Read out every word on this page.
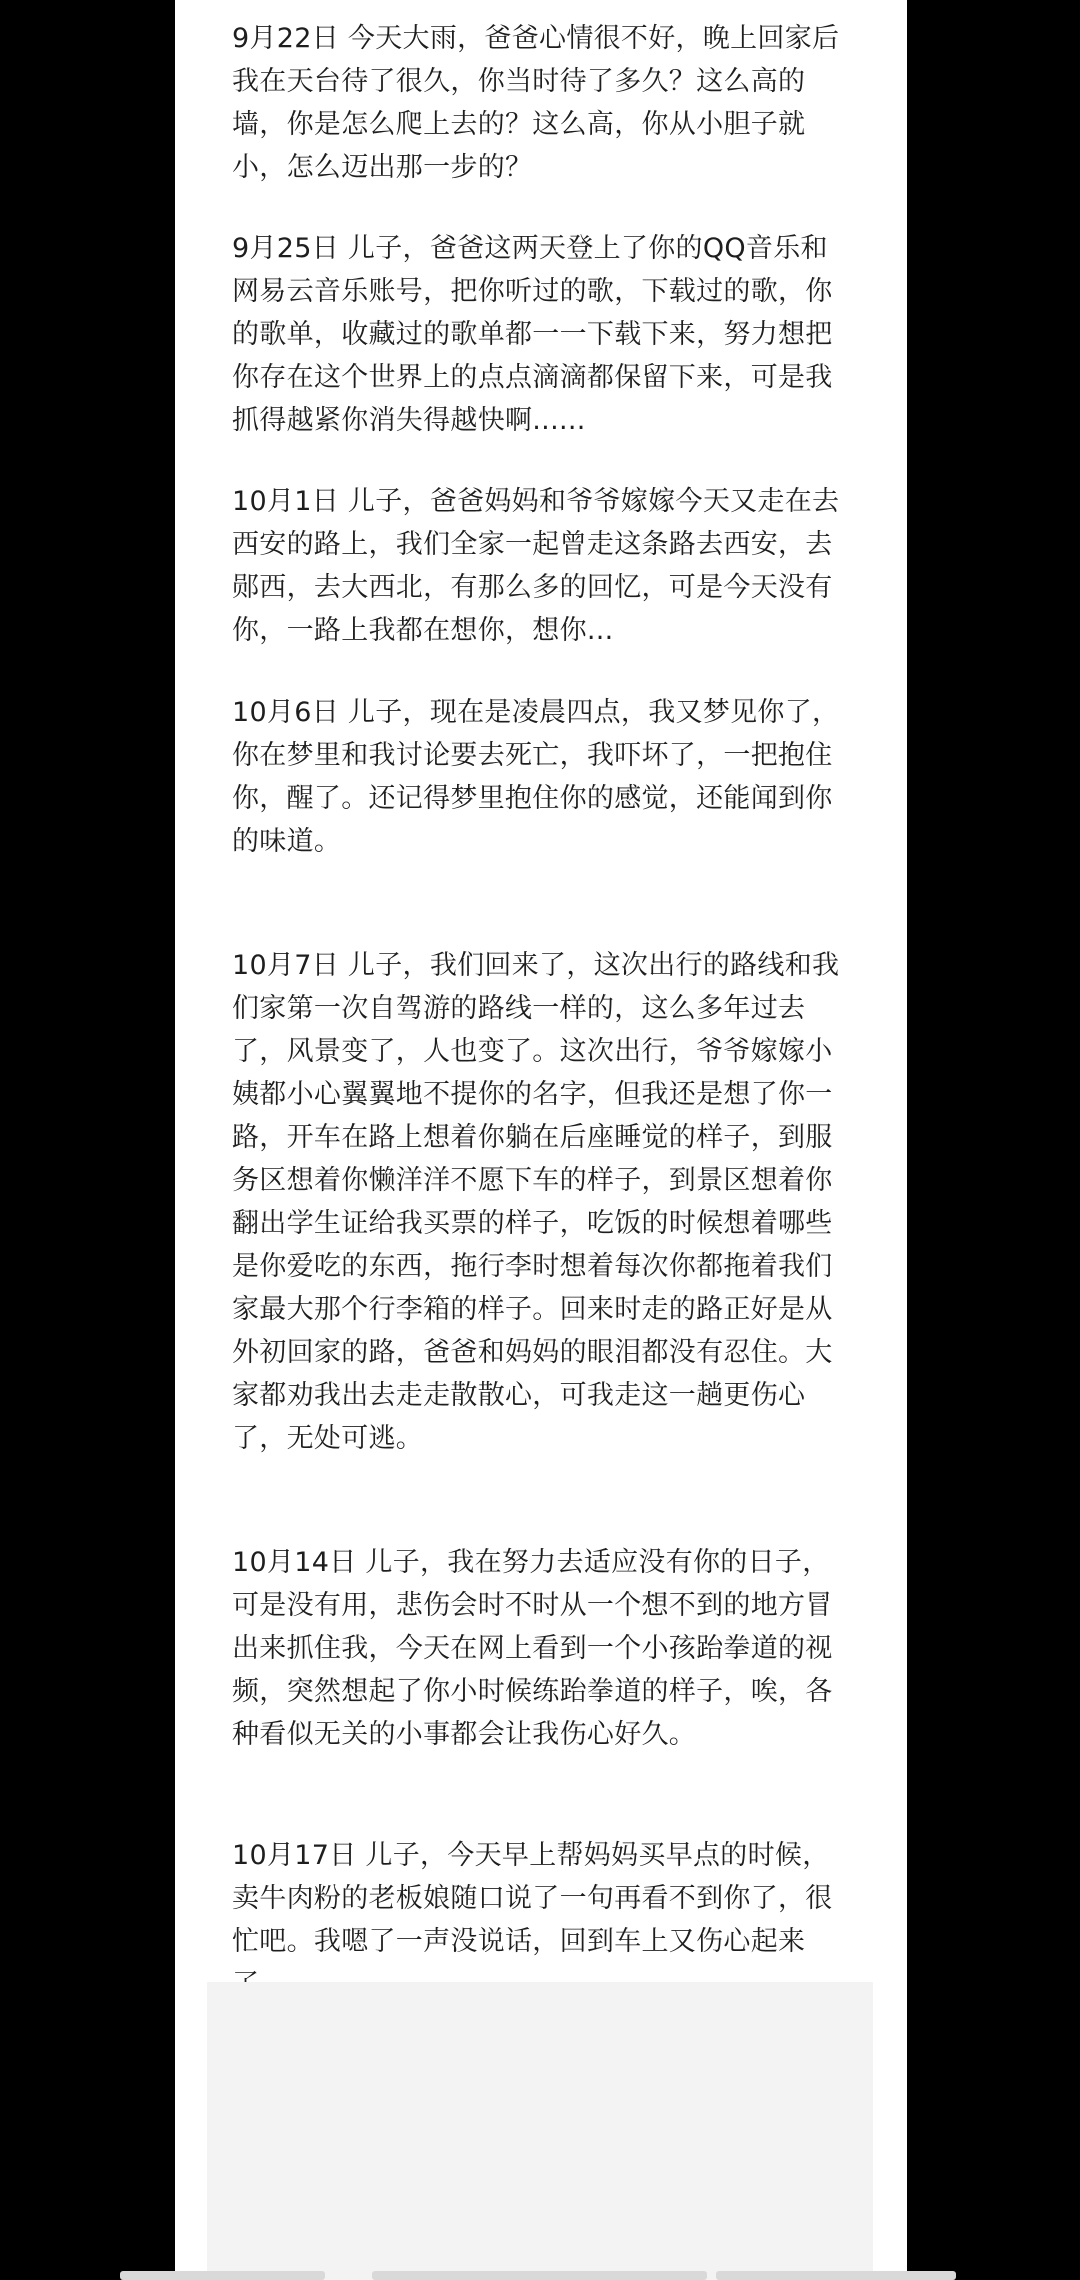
9月22日 今天大雨，爸爸心情很不好，晚上回家后
我在天台待了很久，你当时待了多久？这么高的
墙，你是怎么爬上去的？这么高，你从小胆子就
小，怎么迈出那一步的？

9月25日 儿子，爸爸这两天登上了你的QQ音乐和
网易云音乐账号，把你听过的歌，下载过的歌，你
的歌单，收藏过的歌单都一一下载下来，努力想把
你存在这个世界上的点点滴滴都保留下来，可是我
抓得越紧你消失得越快啊......

10月1日 儿子，爸爸妈妈和爷爷嫁嫁今天又走在去
西安的路上，我们全家一起曾走这条路去西安，去
郧西，去大西北，有那么多的回忆，可是今天没有
你，一路上我都在想你，想你...

10月6日 儿子，现在是凌晨四点，我又梦见你了，
你在梦里和我讨论要去死亡，我吓坏了，一把抱住
你，醒了。还记得梦里抱住你的感觉，还能闻到你
的味道。

10月7日 儿子，我们回来了，这次出行的路线和我
们家第一次自驾游的路线一样的，这么多年过去
了，风景变了，人也变了。这次出行，爷爷嫁嫁小
姨都小心翼翼地不提你的名字，但我还是想了你一
路，开车在路上想着你躺在后座睡觉的样子，到服
务区想着你懒洋洋不愿下车的样子，到景区想着你
翻出学生证给我买票的样子，吃饭的时候想着哪些
是你爱吃的东西，拖行李时想着每次你都拖着我们
家最大那个行李箱的样子。回来时走的路正好是从
外初回家的路，爸爸和妈妈的眼泪都没有忍住。大
家都劝我出去走走散散心，可我走这一趟更伤心
了，无处可逃。

10月14日 儿子，我在努力去适应没有你的日子，
可是没有用，悲伤会时不时从一个想不到的地方冒
出来抓住我，今天在网上看到一个小孩跆拳道的视
频，突然想起了你小时候练跆拳道的样子，唉，各
种看似无关的小事都会让我伤心好久。

10月17日 儿子，今天早上帮妈妈买早点的时候，
卖牛肉粉的老板娘随口说了一句再看不到你了，很
忙吧。我嗯了一声没说话，回到车上又伤心起来
